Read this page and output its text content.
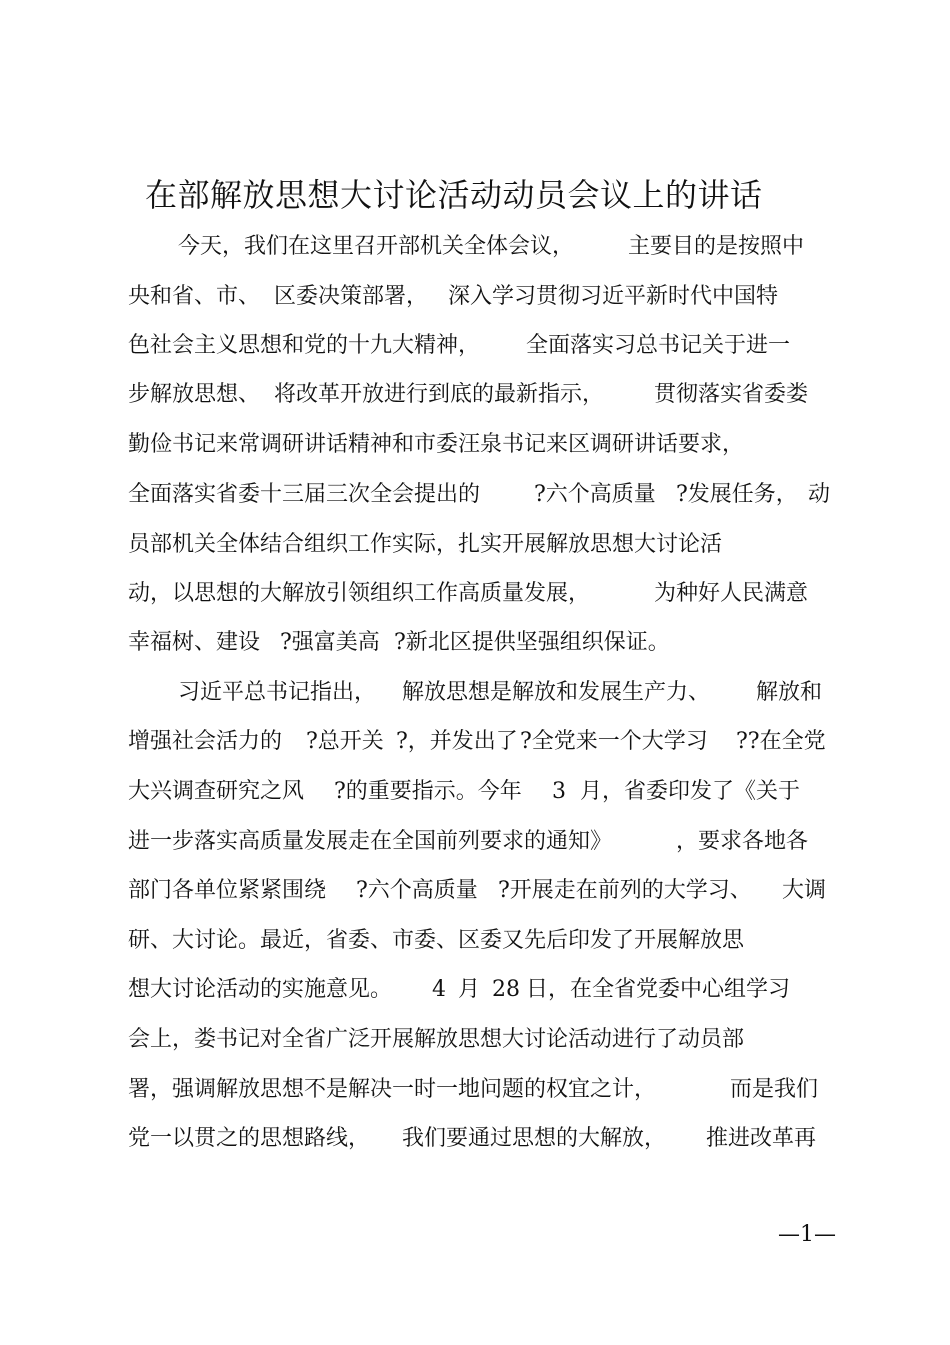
在部解放思想大讨论活动动员会议上的讲话
今天，我们在这里召开部机关全体会议， 主要目的是按照中
央和省、市、 区委决策部署， 深入学习贯彻习近平新时代中国特
色社会主义思想和党的十九大精神， 全面落实习总书记关于进一
步解放思想、 将改革开放进行到底的最新指示， 贯彻落实省委娄
勤俭书记来常调研讲话精神和市委汪泉书记来区调研讲话要求，
全面落实省委十三届三次全会提出的 ?六个高质量 ?发展任务， 动
员部机关全体结合组织工作实际，扎实开展解放思想大讨论活
动，以思想的大解放引领组织工作高质量发展，	为种好人民满意
幸福树、建设 ?强富美高 ?新北区提供坚强组织保证。
习近平总书记指出， 解放思想是解放和发展生产力、 解放和
增强社会活力的 ?总开关 ?，并发出了 ?全党来一个大学习 ??在全党
大兴调查研究之风 ?的重要指示。今年 3 月，省委印发了《关于
进一步落实高质量发展走在全国前列要求的通知》	，要求各地各
部门各单位紧紧围绕 ?六个高质量 ?开展走在前列的大学习、 大调
研、大讨论。最近，省委、市委、区委又先后印发了开展解放思
想大讨论活动的实施意见。 4 月 28 日，在全省党委中心组学习
会上，娄书记对全省广泛开展解放思想大讨论活动进行了动员部
署，强调解放思想不是解决一时一地问题的权宜之计，	而是我们
党一以贯之的思想路线， 我们要通过思想的大解放， 推进改革再
—1—
